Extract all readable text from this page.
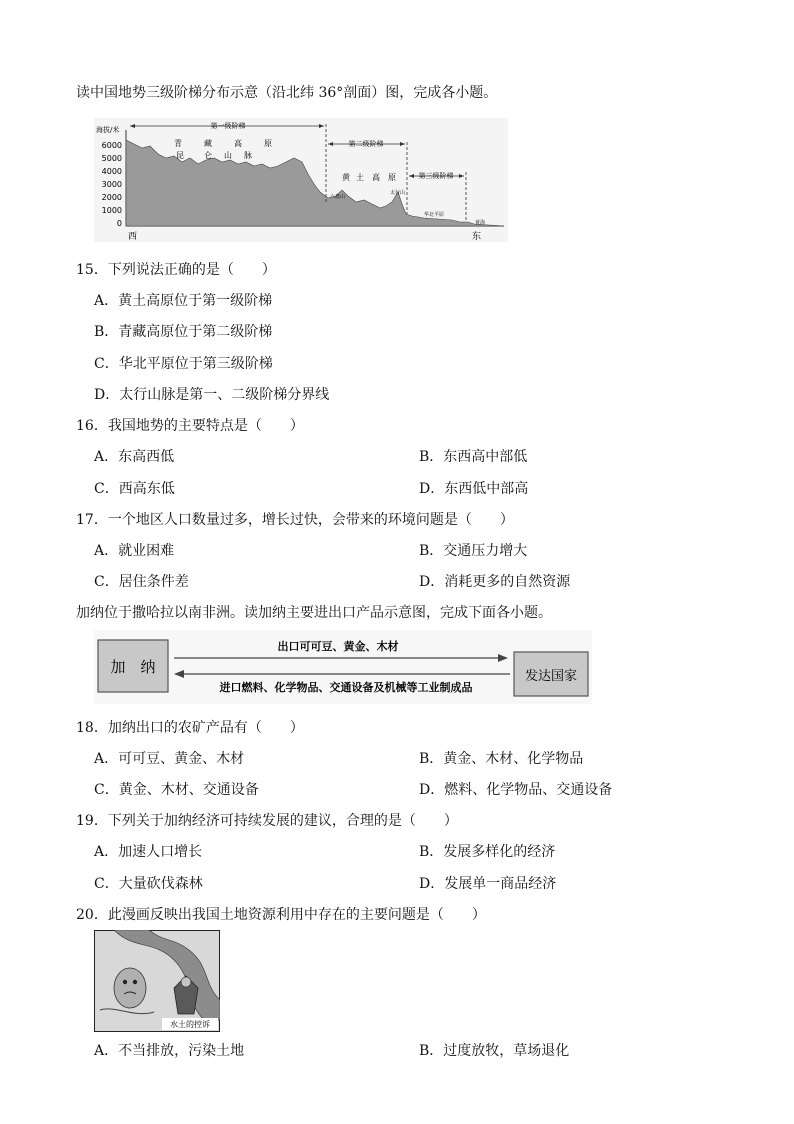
读中国地势三级阶梯分布示意（沿北纬 36°剖面）图，完成各小题。
海拔/米
6000
5000
4000
3000
2000
1000
0
第一级阶梯
第二级阶梯
第三级阶梯
青	藏	高	原
昆	仑 山 脉
黄 土 高 原
六盘山
太行山
华北平原
黄海
西	东
15．下列说法正确的是（　　）
A．黄土高原位于第一级阶梯
B．青藏高原位于第二级阶梯
C．华北平原位于第三级阶梯
D．太行山脉是第一、二级阶梯分界线
16．我国地势的主要特点是（　　）
A．东高西低	B．东西高中部低
C．西高东低	D．东西低中部高
17．一个地区人口数量过多，增长过快，会带来的环境问题是（　　）
A．就业困难	B．交通压力增大
C．居住条件差	D．消耗更多的自然资源
加纳位于撒哈拉以南非洲。读加纳主要进出口产品示意图，完成下面各小题。
加　纳
发达国家
出口可可豆、黄金、木材
进口燃料、化学物品、交通设备及机械等工业制成品
18．加纳出口的农矿产品有（　　）
A．可可豆、黄金、木材	B．黄金、木材、化学物品
C．黄金、木材、交通设备	D．燃料、化学物品、交通设备
19．下列关于加纳经济可持续发展的建议，合理的是（　　）
A．加速人口增长	B．发展多样化的经济
C．大量砍伐森林	D．发展单一商品经济
20．此漫画反映出我国土地资源利用中存在的主要问题是（　　）
水土的控诉
A．不当排放，污染土地	B．过度放牧，草场退化
